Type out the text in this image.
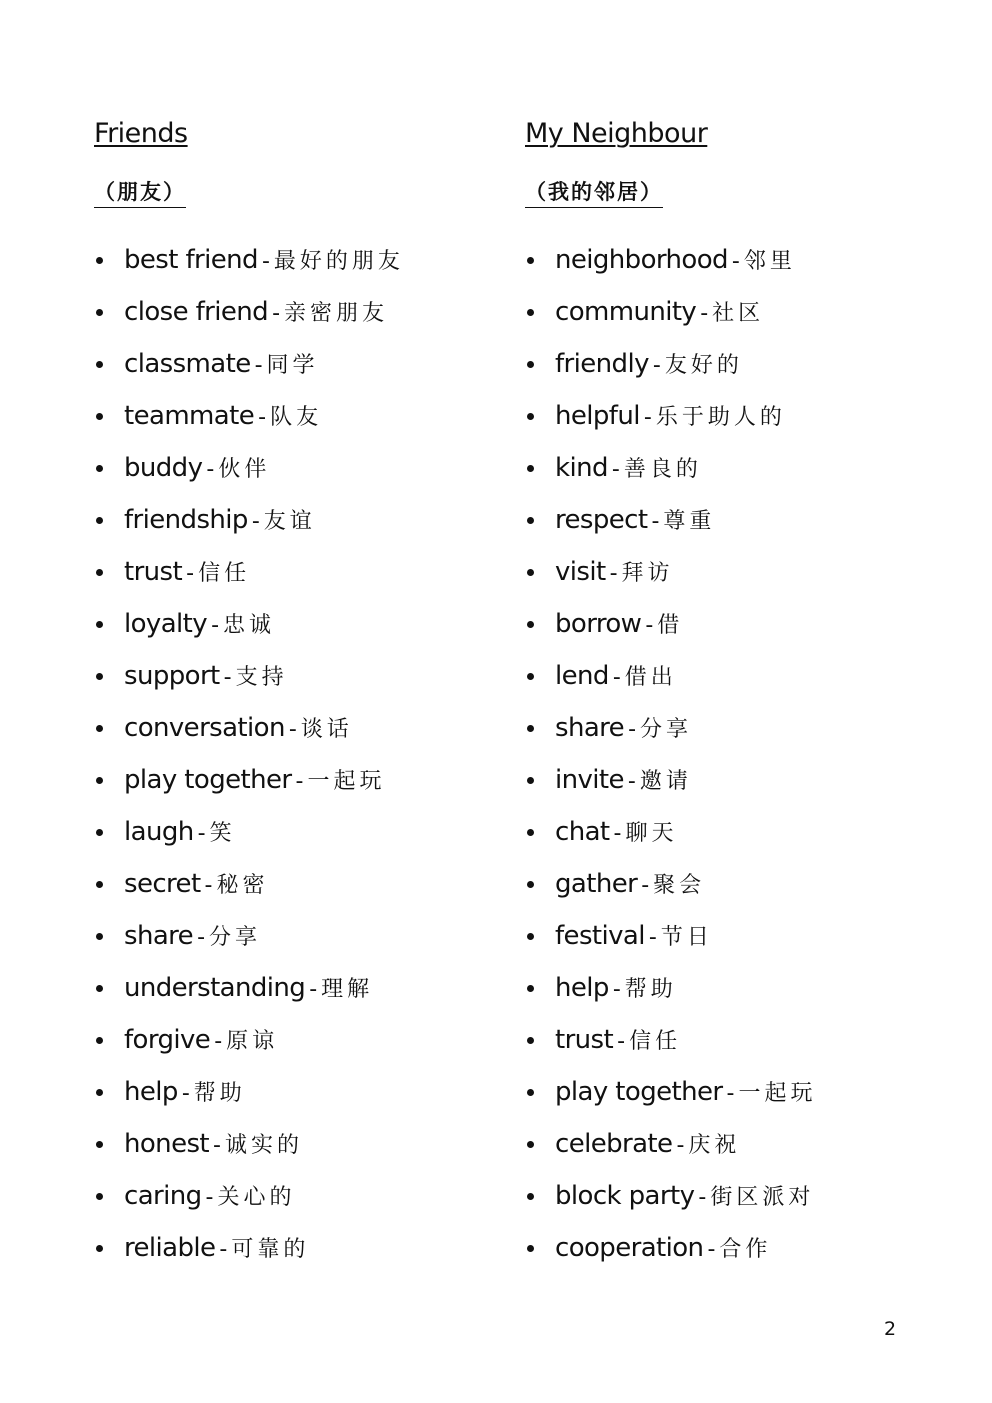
Friends
（朋友）
best friend - 最好的朋友
close friend - 亲密朋友
classmate - 同学
teammate - 队友
buddy - 伙伴
friendship - 友谊
trust - 信任
loyalty - 忠诚
support - 支持
conversation - 谈话
play together - 一起玩
laugh - 笑
secret - 秘密
share - 分享
understanding - 理解
forgive - 原谅
help - 帮助
honest - 诚实的
caring - 关心的
reliable - 可靠的
My Neighbour
（我的邻居）
neighborhood - 邻里
community - 社区
friendly - 友好的
helpful - 乐于助人的
kind - 善良的
respect - 尊重
visit - 拜访
borrow - 借
lend - 借出
share - 分享
invite - 邀请
chat - 聊天
gather - 聚会
festival - 节日
help - 帮助
trust - 信任
play together - 一起玩
celebrate - 庆祝
block party - 街区派对
cooperation - 合作
2
